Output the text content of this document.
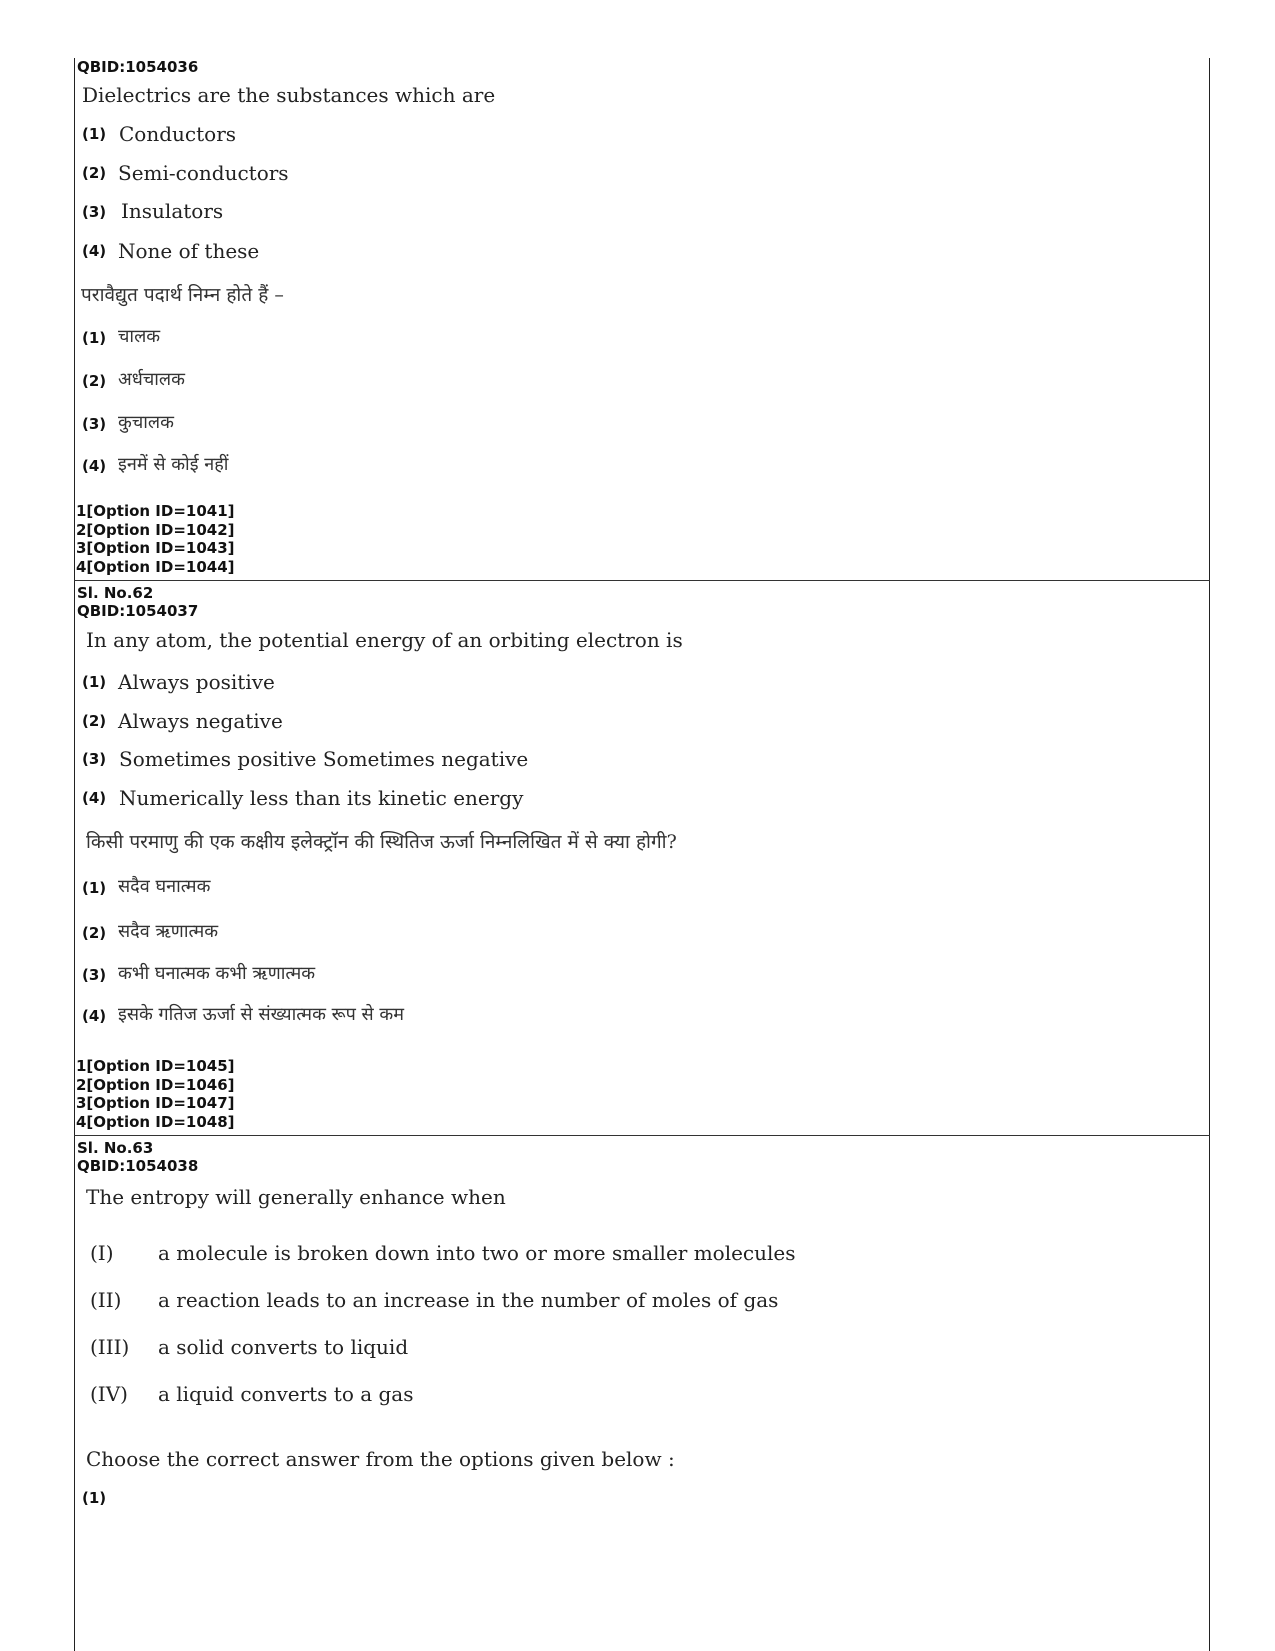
QBID:1054036
Dielectrics are the substances which are
(1) Conductors
(2) Semi-conductors
(3) Insulators
(4) None of these
परावैद्युत पदार्थ निम्न होते हैं –
(1) चालक
(2) अर्धचालक
(3) कुचालक
(4) इनमें से कोई नहीं
1[Option ID=1041]
2[Option ID=1042]
3[Option ID=1043]
4[Option ID=1044]
Sl. No.62
QBID:1054037
In any atom, the potential energy of an orbiting electron is
(1) Always positive
(2) Always negative
(3) Sometimes positive Sometimes negative
(4) Numerically less than its kinetic energy
किसी परमाणु की एक कक्षीय इलेक्ट्रॉन की स्थितिज ऊर्जा निम्नलिखित में से क्या होगी?
(1) सदैव घनात्मक
(2) सदैव ऋणात्मक
(3) कभी घनात्मक कभी ऋणात्मक
(4) इसके गतिज ऊर्जा से संख्यात्मक रूप से कम
1[Option ID=1045]
2[Option ID=1046]
3[Option ID=1047]
4[Option ID=1048]
Sl. No.63
QBID:1054038
The entropy will generally enhance when
(I) a molecule is broken down into two or more smaller molecules
(II) a reaction leads to an increase in the number of moles of gas
(III) a solid converts to liquid
(IV) a liquid converts to a gas
Choose the correct answer from the options given below :
(1)
